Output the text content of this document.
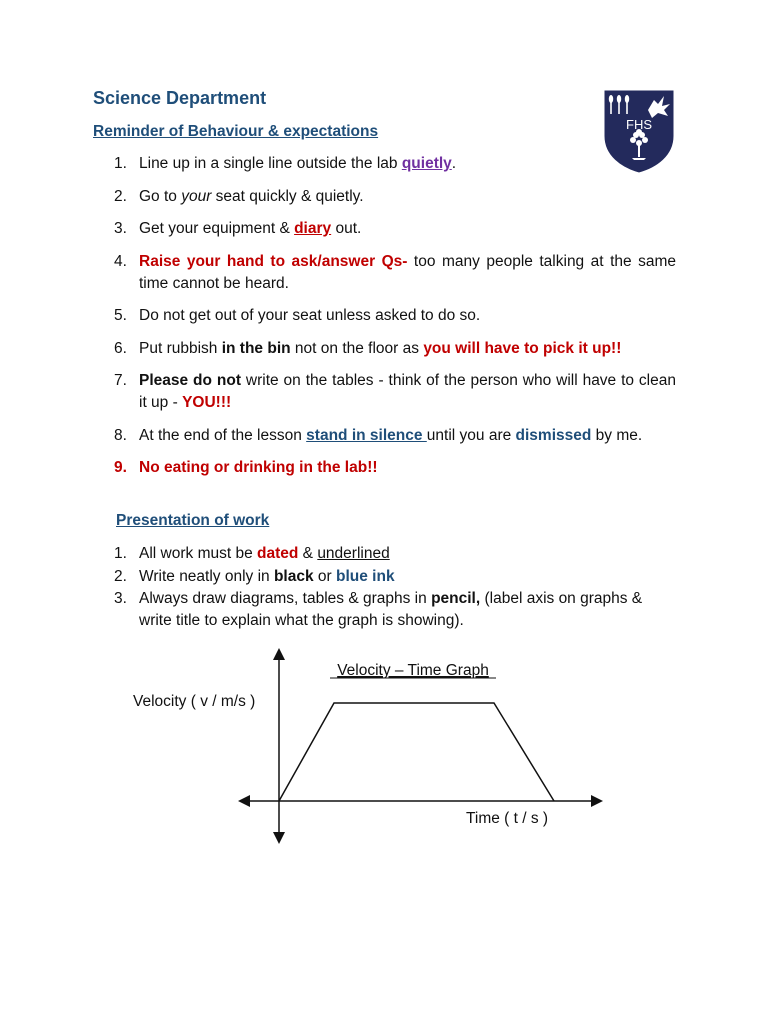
Science Department
FHS
Reminder of Behaviour & expectations
1. Line up in a single line outside the lab quietly.
2. Go to your seat quickly & quietly.
3. Get your equipment & diary out.
4. Raise your hand to ask/answer Qs- too many people talking at the same time cannot be heard.
5. Do not get out of your seat unless asked to do so.
6. Put rubbish in the bin not on the floor as you will have to pick it up!!
7. Please do not write on the tables - think of the person who will have to clean it up - YOU!!!
8. At the end of the lesson stand in silence until you are dismissed by me.
9. No eating or drinking in the lab!!
Presentation of work
1. All work must be dated & underlined
2. Write neatly only in black or blue ink
3. Always draw diagrams, tables & graphs in pencil, (label axis on graphs & write title to explain what the graph is showing).
Velocity – Time Graph
Velocity ( v / m/s )
Time ( t / s )
